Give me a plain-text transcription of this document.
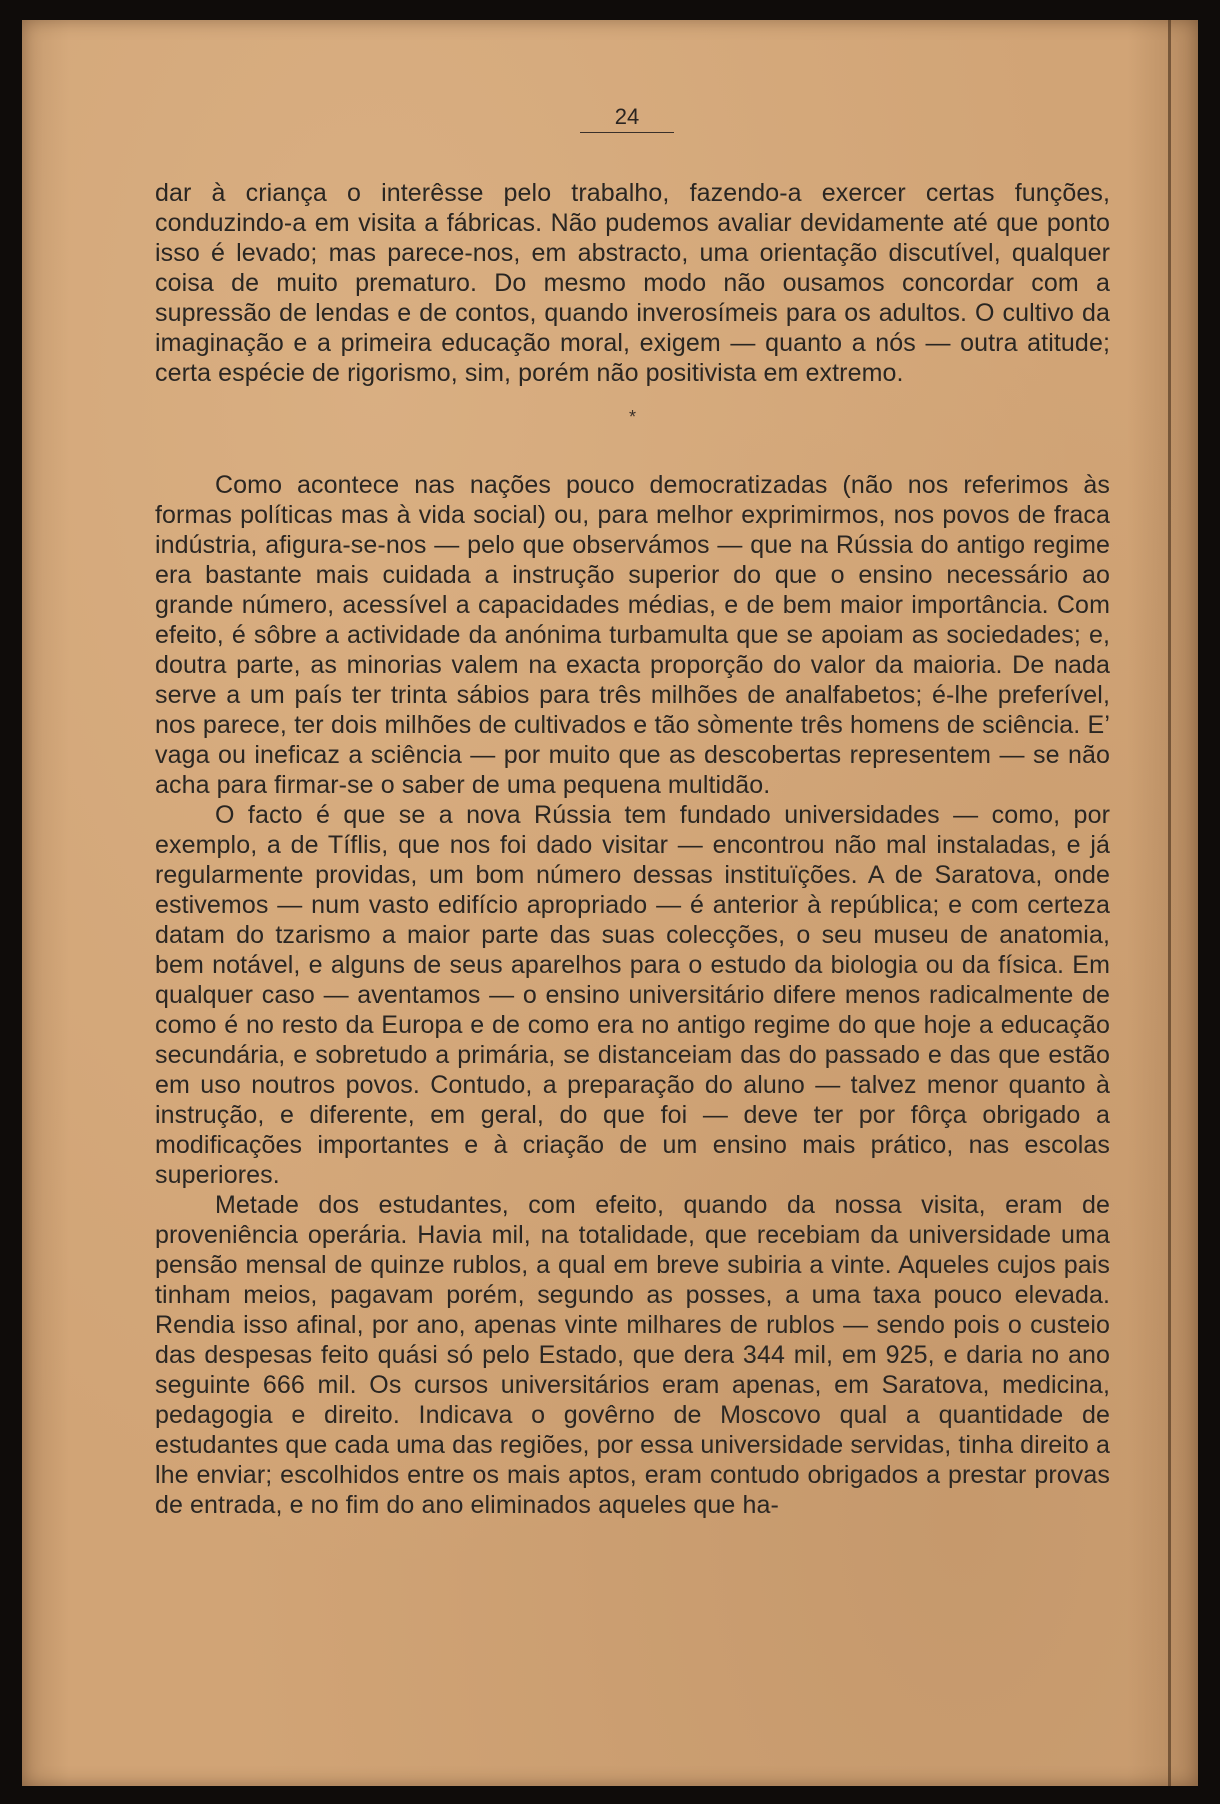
24

dar à criança o interêsse pelo trabalho, fazendo-a exercer certas funções, conduzindo-a em visita a fábricas. Não pudemos avaliar devidamente até que ponto isso é levado; mas parece-nos, em abstracto, uma orientação discutível, qualquer coisa de muito prematuro. Do mesmo modo não ousamos concordar com a supressão de lendas e de contos, quando inverosímeis para os adultos. O cultivo da imaginação e a primeira educação moral, exigem — quanto a nós — outra atitude; certa espécie de rigorismo, sim, porém não positivista em extremo.

*

Como acontece nas nações pouco democratizadas (não nos referimos às formas políticas mas à vida social) ou, para melhor exprimirmos, nos povos de fraca indústria, afigura-se-nos — pelo que observámos — que na Rússia do antigo regime era bastante mais cuidada a instrução superior do que o ensino necessário ao grande número, acessível a capacidades médias, e de bem maior importância. Com efeito, é sôbre a actividade da anónima turbamulta que se apoiam as sociedades; e, doutra parte, as minorias valem na exacta proporção do valor da maioria. De nada serve a um país ter trinta sábios para três milhões de analfabetos; é-lhe preferível, nos parece, ter dois milhões de cultivados e tão sòmente três homens de sciência. E’ vaga ou ineficaz a sciência — por muito que as descobertas representem — se não acha para firmar-se o saber de uma pequena multidão.

O facto é que se a nova Rússia tem fundado universidades — como, por exemplo, a de Tíflis, que nos foi dado visitar — encontrou não mal instaladas, e já regularmente providas, um bom número dessas instituïções. A de Saratova, onde estivemos — num vasto edifício apropriado — é anterior à república; e com certeza datam do tzarismo a maior parte das suas colecções, o seu museu de anatomia, bem notável, e alguns de seus aparelhos para o estudo da biologia ou da física. Em qualquer caso — aventamos — o ensino universitário difere menos radicalmente de como é no resto da Europa e de como era no antigo regime do que hoje a educação secundária, e sobretudo a primária, se distanceiam das do passado e das que estão em uso noutros povos. Contudo, a preparação do aluno — talvez menor quanto à instrução, e diferente, em geral, do que foi — deve ter por fôrça obrigado a modificações importantes e à criação de um ensino mais prático, nas escolas superiores.

Metade dos estudantes, com efeito, quando da nossa visita, eram de proveniência operária. Havia mil, na totalidade, que recebiam da universidade uma pensão mensal de quinze rublos, a qual em breve subiria a vinte. Aqueles cujos pais tinham meios, pagavam porém, segundo as posses, a uma taxa pouco elevada. Rendia isso afinal, por ano, apenas vinte milhares de rublos — sendo pois o custeio das despesas feito quási só pelo Estado, que dera 344 mil, em 925, e daria no ano seguinte 666 mil. Os cursos universitários eram apenas, em Saratova, medicina, pedagogia e direito. Indicava o govêrno de Moscovo qual a quantidade de estudantes que cada uma das regiões, por essa universidade servidas, tinha direito a lhe enviar; escolhidos entre os mais aptos, eram contudo obrigados a prestar provas de entrada, e no fim do ano eliminados aqueles que ha-
